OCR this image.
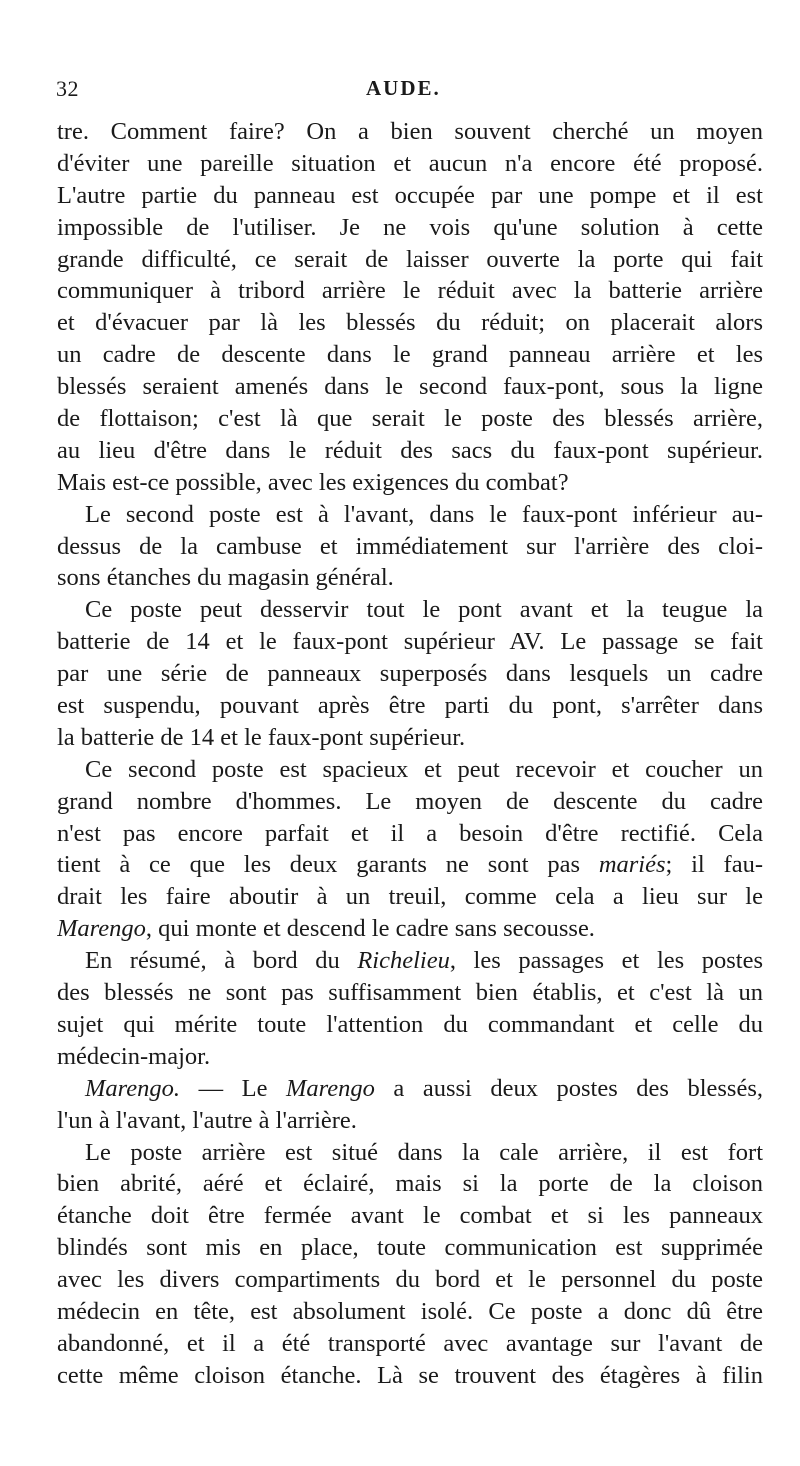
32	AUDE.
tre. Comment faire? On a bien souvent cherché un moyen
d'éviter une pareille situation et aucun n'a encore été proposé.
L'autre partie du panneau est occupée par une pompe et il est
impossible de l'utiliser. Je ne vois qu'une solution à cette
grande difficulté, ce serait de laisser ouverte la porte qui fait
communiquer à tribord arrière le réduit avec la batterie arrière
et d'évacuer par là les blessés du réduit; on placerait alors
un cadre de descente dans le grand panneau arrière et les
blessés seraient amenés dans le second faux-pont, sous la ligne
de flottaison; c'est là que serait le poste des blessés arrière,
au lieu d'être dans le réduit des sacs du faux-pont supérieur.
Mais est-ce possible, avec les exigences du combat?
Le second poste est à l'avant, dans le faux-pont inférieur au-
dessus de la cambuse et immédiatement sur l'arrière des cloi-
sons étanches du magasin général.
Ce poste peut desservir tout le pont avant et la teugue la
batterie de 14 et le faux-pont supérieur AV. Le passage se fait
par une série de panneaux superposés dans lesquels un cadre
est suspendu, pouvant après être parti du pont, s'arrêter dans
la batterie de 14 et le faux-pont supérieur.
Ce second poste est spacieux et peut recevoir et coucher un
grand nombre d'hommes. Le moyen de descente du cadre
n'est pas encore parfait et il a besoin d'être rectifié. Cela
tient à ce que les deux garants ne sont pas mariés; il fau-
drait les faire aboutir à un treuil, comme cela a lieu sur le
Marengo, qui monte et descend le cadre sans secousse.
En résumé, à bord du Richelieu, les passages et les postes
des blessés ne sont pas suffisamment bien établis, et c'est là un
sujet qui mérite toute l'attention du commandant et celle du
médecin-major.
Marengo. — Le Marengo a aussi deux postes des blessés,
l'un à l'avant, l'autre à l'arrière.
Le poste arrière est situé dans la cale arrière, il est fort
bien abrité, aéré et éclairé, mais si la porte de la cloison
étanche doit être fermée avant le combat et si les panneaux
blindés sont mis en place, toute communication est supprimée
avec les divers compartiments du bord et le personnel du poste
médecin en tête, est absolument isolé. Ce poste a donc dû être
abandonné, et il a été transporté avec avantage sur l'avant de
cette même cloison étanche. Là se trouvent des étagères à filin
